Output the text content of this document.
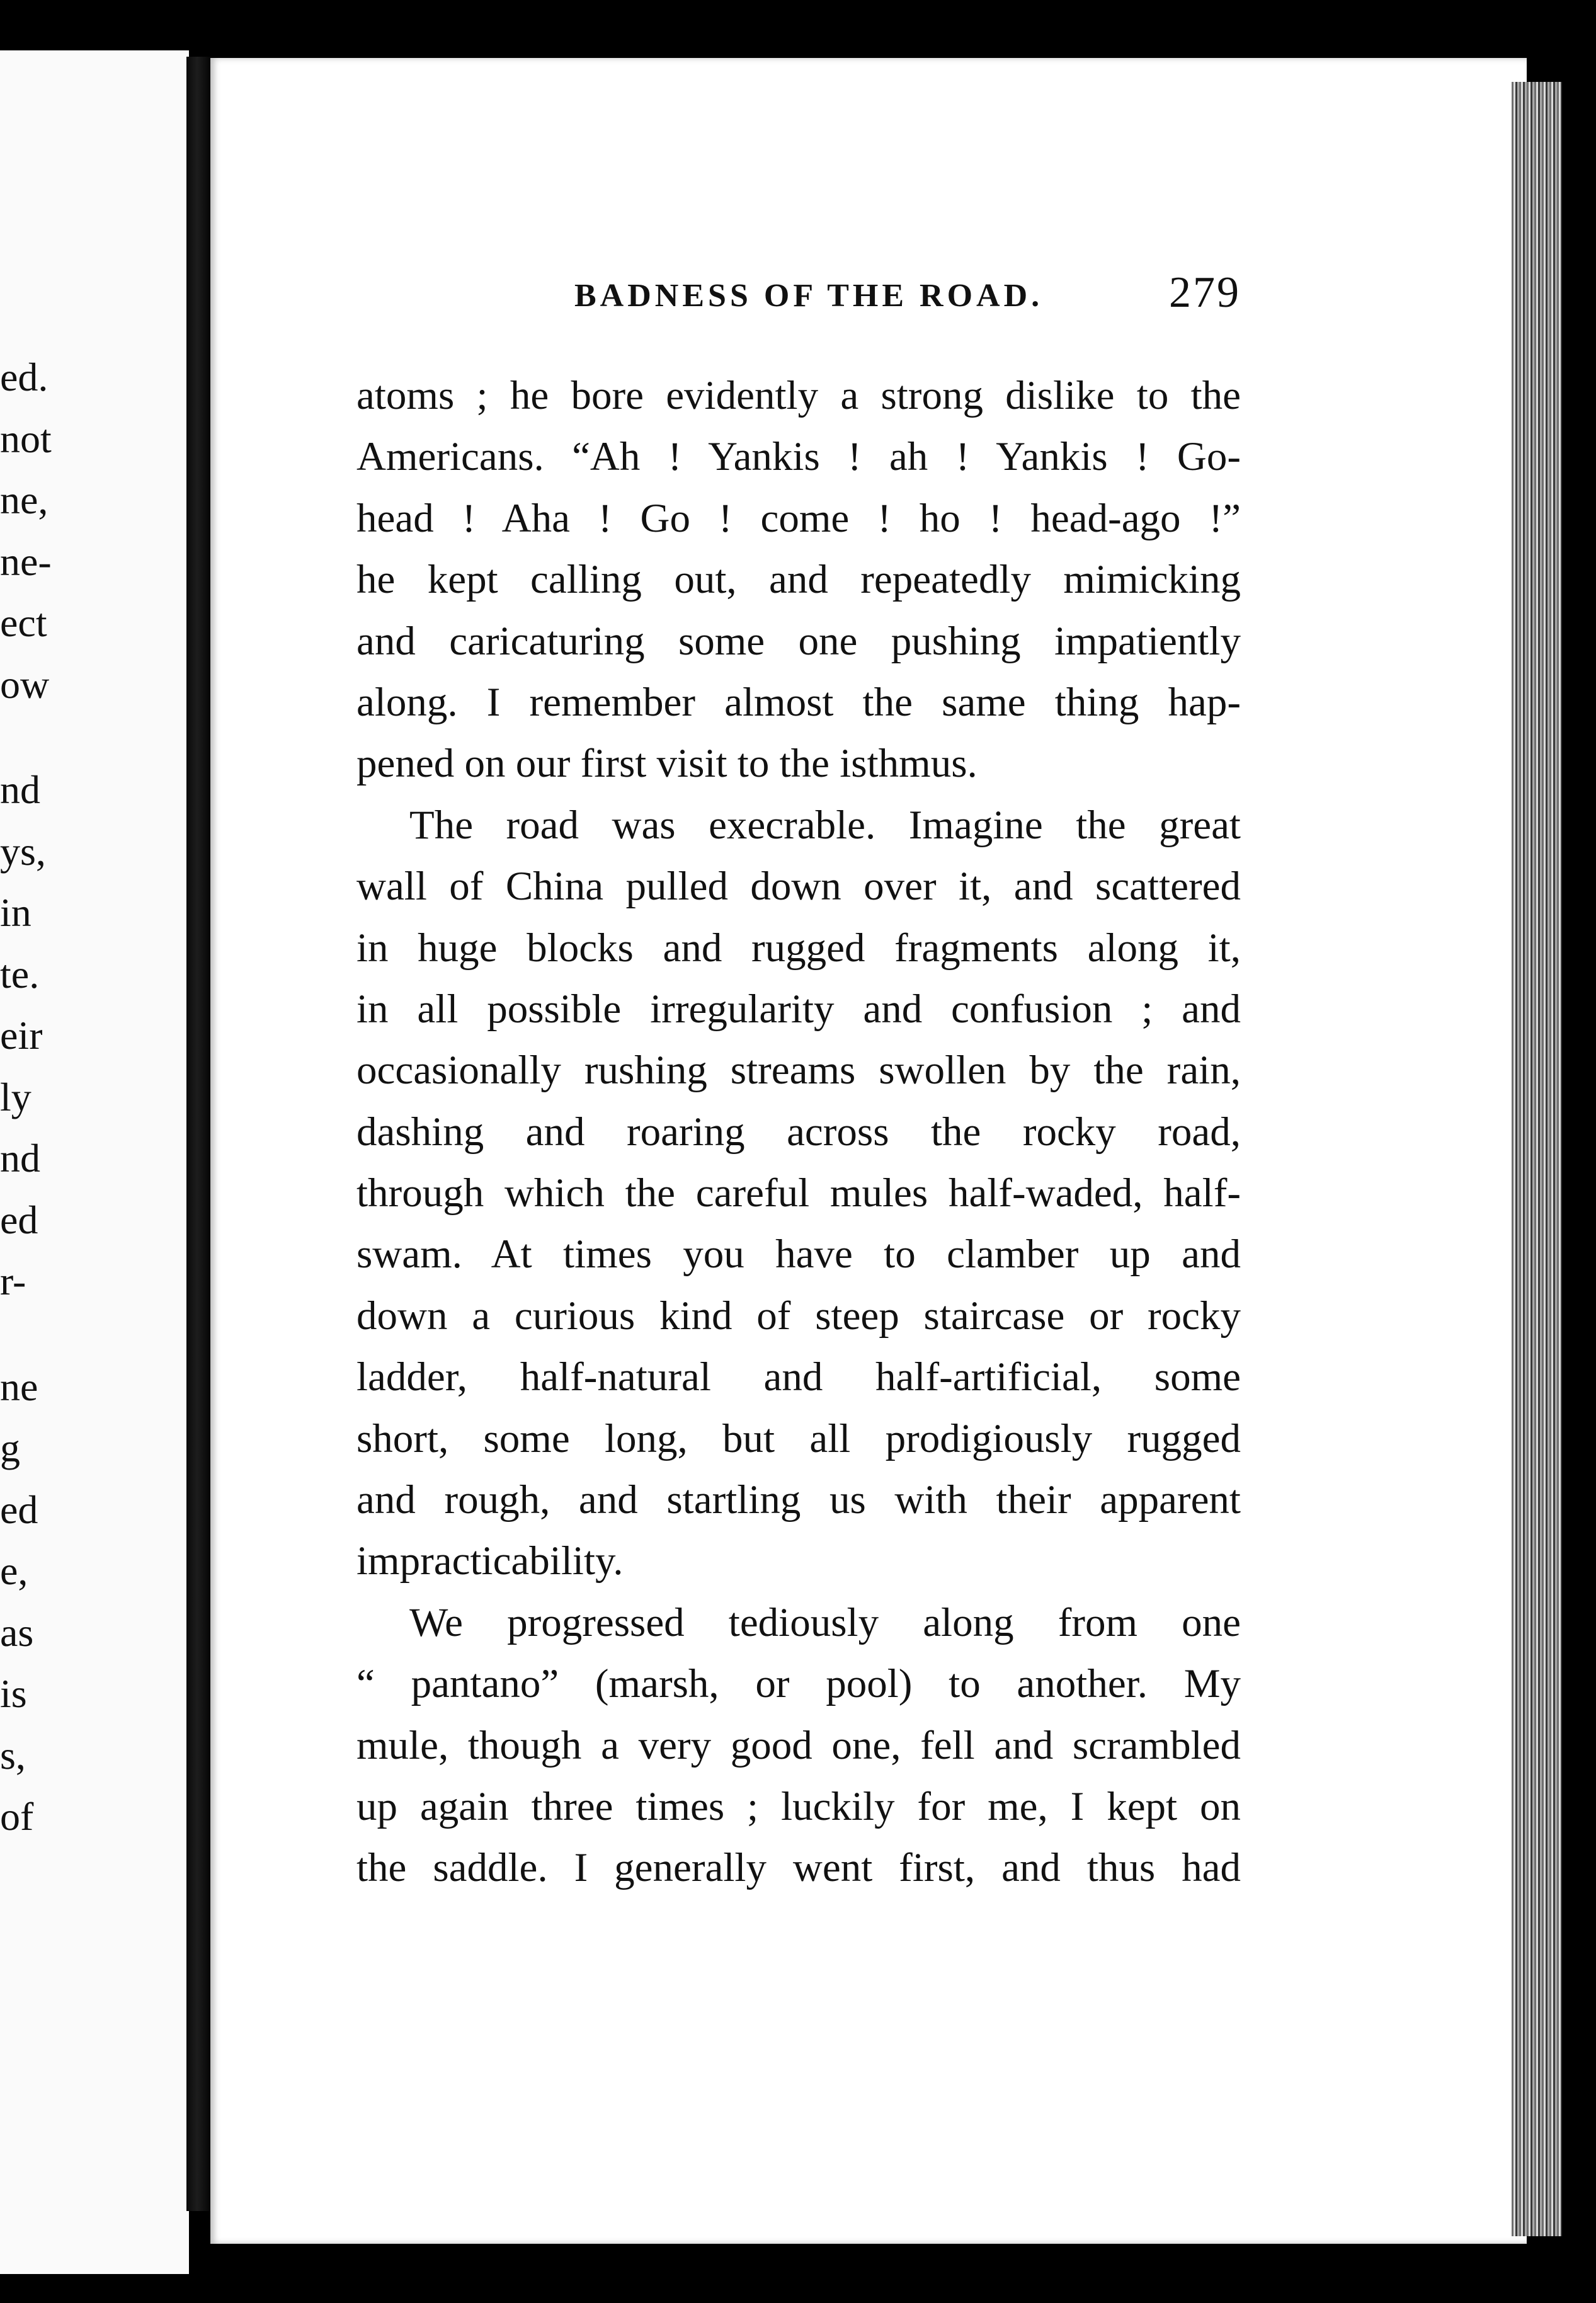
ed.
not
ne,
ne-
ect
ow
nd
ys,
in
te.
eir
ly
nd
ed
r-
ne
g
ed
e,
as
is
s,
of
BADNESS OF THE ROAD.	279
atoms ; he bore evidently a strong dislike to the
Americans. “Ah ! Yankis ! ah ! Yankis ! Go-
head ! Aha ! Go ! come ! ho ! head-ago !”
he kept calling out, and repeatedly mimicking
and caricaturing some one pushing impatiently
along. I remember almost the same thing hap-
pened on our first visit to the isthmus.
The road was execrable. Imagine the great
wall of China pulled down over it, and scattered
in huge blocks and rugged fragments along it,
in all possible irregularity and confusion ; and
occasionally rushing streams swollen by the rain,
dashing and roaring across the rocky road,
through which the careful mules half-waded, half-
swam. At times you have to clamber up and
down a curious kind of steep staircase or rocky
ladder, half-natural and half-artificial, some
short, some long, but all prodigiously rugged
and rough, and startling us with their apparent
impracticability.
We progressed tediously along from one
“ pantano” (marsh, or pool) to another. My
mule, though a very good one, fell and scrambled
up again three times ; luckily for me, I kept on
the saddle. I generally went first, and thus had
